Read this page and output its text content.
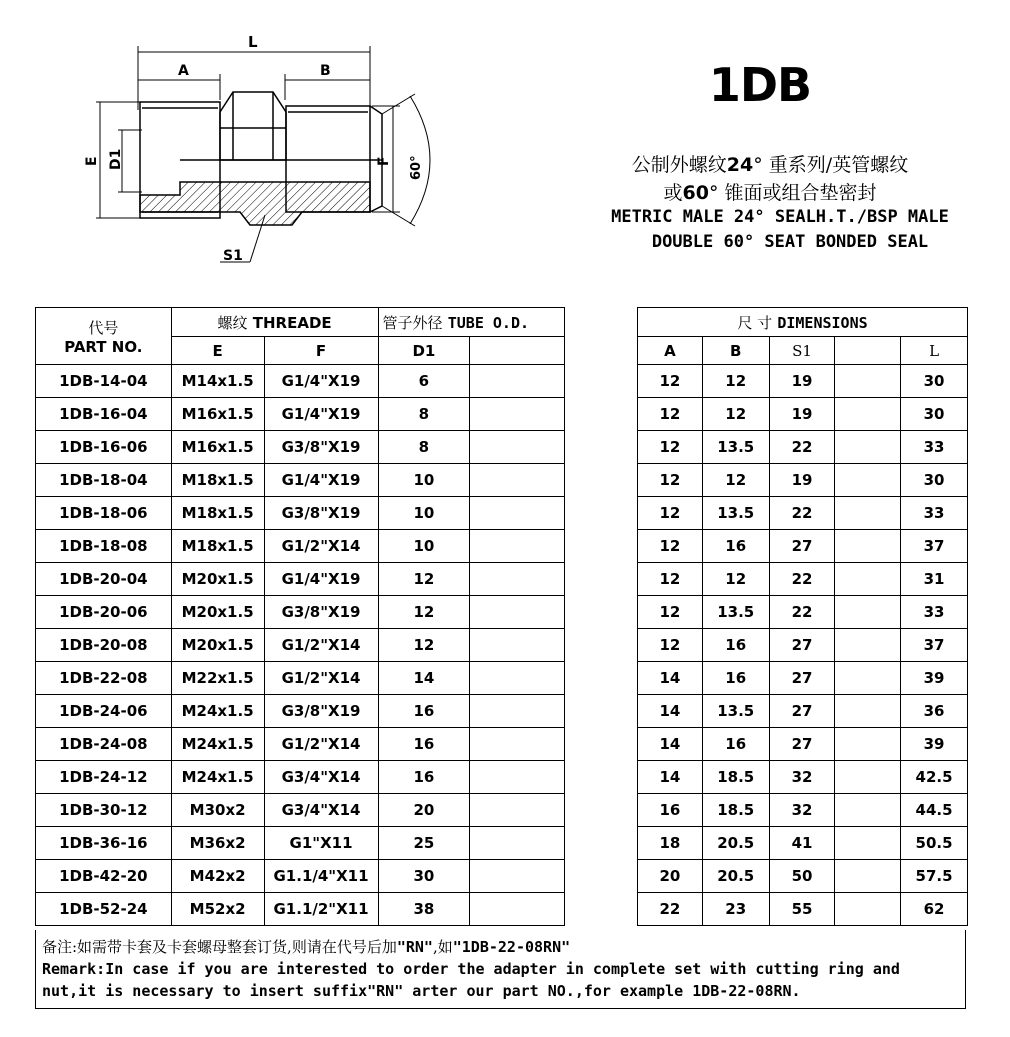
L
A	B
E D1	F 60°
S1
1DB
公制外螺纹24° 重系列/英管螺纹
或60° 锥面或组合垫密封
METRIC MALE 24° SEALH.T./BSP MALE
DOUBLE 60° SEAT BONDED SEAL
代号
PART NO.	螺纹 THREADE		管子外径 TUBE O.D.	
	E	F	D1	
1DB-14-04	M14x1.5	G1/4"X19	6	
1DB-16-04	M16x1.5	G1/4"X19	8	
1DB-16-06	M16x1.5	G3/8"X19	8	
1DB-18-04	M18x1.5	G1/4"X19	10	
1DB-18-06	M18x1.5	G3/8"X19	10	
1DB-18-08	M18x1.5	G1/2"X14	10	
1DB-20-04	M20x1.5	G1/4"X19	12	
1DB-20-06	M20x1.5	G3/8"X19	12	
1DB-20-08	M20x1.5	G1/2"X14	12	
1DB-22-08	M22x1.5	G1/2"X14	14	
1DB-24-06	M24x1.5	G3/8"X19	16	
1DB-24-08	M24x1.5	G1/2"X14	16	
1DB-24-12	M24x1.5	G3/4"X14	16	
1DB-30-12	M30x2	G3/4"X14	20	
1DB-36-16	M36x2	G1"X11	25	
1DB-42-20	M42x2	G1.1/4"X11	30	
1DB-52-24	M52x2	G1.1/2"X11	38	
尺 寸 DIMENSIONS				
A	B	S1		L
12	12	19		30
12	12	19		30
12	13.5	22		33
12	12	19		30
12	13.5	22		33
12	16	27		37
12	12	22		31
12	13.5	22		33
12	16	27		37
14	16	27		39
14	13.5	27		36
14	16	27		39
14	18.5	32		42.5
16	18.5	32		44.5
18	20.5	41		50.5
20	20.5	50		57.5
22	23	55		62
备注:如需带卡套及卡套螺母整套订货,则请在代号后加"RN",如"1DB-22-08RN"
Remark:In case if you are interested to order the adapter in complete set with cutting ring and
nut,it is necessary to insert suffix"RN" arter our part NO.,for example 1DB-22-08RN.
